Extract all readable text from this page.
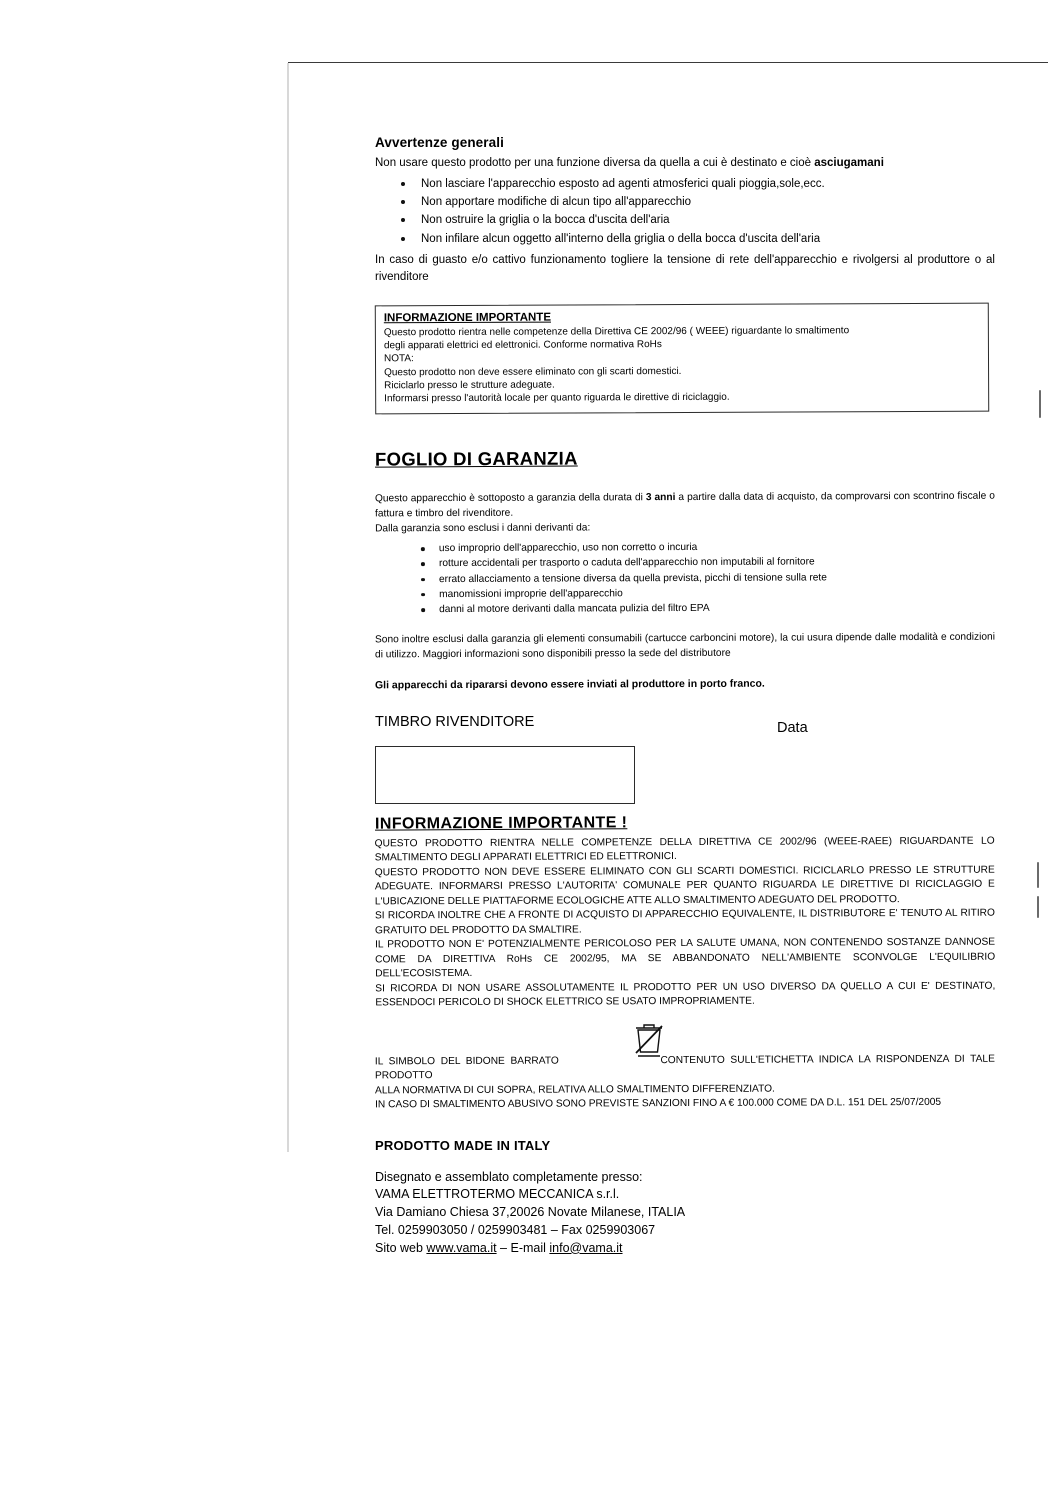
Avvertenze generali

Non usare questo prodotto per una funzione diversa da quella a cui è destinato e cioè asciugamani

Non lasciare l'apparecchio esposto ad agenti atmosferici quali pioggia,sole,ecc.
Non apportare modifiche di alcun tipo all'apparecchio
Non ostruire la griglia o la bocca d'uscita dell'aria
Non infilare alcun oggetto all'interno della griglia o della bocca d'uscita dell'aria
In caso di guasto e/o cattivo funzionamento togliere la tensione di rete dell'apparecchio e rivolgersi al produttore o al rivenditore
INFORMAZIONE IMPORTANTE
Questo prodotto rientra nelle competenze della Direttiva CE 2002/96 ( WEEE) riguardante lo smaltimento
degli apparati elettrici ed elettronici. Conforme normativa RoHs
NOTA:
Questo prodotto non deve essere eliminato con gli scarti domestici.
Riciclarlo presso le strutture adeguate.
Informarsi presso l'autorità locale per quanto riguarda le direttive di riciclaggio.
FOGLIO DI GARANZIA
Questo apparecchio è sottoposto a garanzia della durata di 3 anni a partire dalla data di acquisto, da comprovarsi con scontrino fiscale o fattura e timbro del rivenditore.
Dalla garanzia sono esclusi i danni derivanti da:
uso improprio dell'apparecchio, uso non corretto o incuria
rotture accidentali per trasporto o caduta dell'apparecchio non imputabili al fornitore
errato allacciamento a tensione diversa da quella prevista, picchi di tensione sulla rete
manomissioni improprie dell'apparecchio
danni al motore derivanti dalla mancata pulizia del filtro EPA
Sono inoltre esclusi dalla garanzia gli elementi consumabili (cartucce carboncini motore), la cui usura dipende dalle modalità e condizioni di utilizzo. Maggiori informazioni sono disponibili presso la sede del distributore
Gli apparecchi da ripararsi devono essere inviati al produttore in porto franco.
TIMBRO RIVENDITORE	Data
INFORMAZIONE IMPORTANTE !

QUESTO PRODOTTO RIENTRA NELLE COMPETENZE DELLA DIRETTIVA CE 2002/96 (WEEE-RAEE) RIGUARDANTE LO SMALTIMENTO DEGLI APPARATI ELETTRICI ED ELETTRONICI.

QUESTO PRODOTTO NON DEVE ESSERE ELIMINATO CON GLI SCARTI DOMESTICI. RICICLARLO PRESSO LE STRUTTURE ADEGUATE. INFORMARSI PRESSO L'AUTORITA' COMUNALE PER QUANTO RIGUARDA LE DIRETTIVE DI RICICLAGGIO E L'UBICAZIONE DELLE PIATTAFORME ECOLOGICHE ATTE ALLO SMALTIMENTO ADEGUATO DEL PRODOTTO.

SI RICORDA INOLTRE CHE A FRONTE DI ACQUISTO DI APPARECCHIO EQUIVALENTE, IL DISTRIBUTORE E' TENUTO AL RITIRO GRATUITO DEL PRODOTTO DA SMALTIRE.

IL PRODOTTO NON E' POTENZIALMENTE PERICOLOSO PER LA SALUTE UMANA, NON CONTENENDO SOSTANZE DANNOSE COME DA DIRETTIVA RoHs CE 2002/95, MA SE ABBANDONATO NELL'AMBIENTE SCONVOLGE L'EQUILIBRIO DELL'ECOSISTEMA.

SI RICORDA DI NON USARE ASSOLUTAMENTE IL PRODOTTO PER UN USO DIVERSO DA QUELLO A CUI E' DESTINATO, ESSENDOCI PERICOLO DI SHOCK ELETTRICO SE USATO IMPROPRIAMENTE.

IL SIMBOLO DEL BIDONE BARRATO	CONTENUTO SULL'ETICHETTA INDICA LA RISPONDENZA DI TALE PRODOTTO

ALLA NORMATIVA DI CUI SOPRA, RELATIVA ALLO SMALTIMENTO DIFFERENZIATO.

IN CASO DI SMALTIMENTO ABUSIVO SONO PREVISTE SANZIONI FINO A € 100.000 COME DA D.L. 151 DEL 25/07/2005

PRODOTTO MADE IN ITALY
Disegnato e assemblato completamente presso:
VAMA ELETTROTERMO MECCANICA s.r.l.
Via Damiano Chiesa 37,20026 Novate Milanese, ITALIA
Tel. 0259903050 / 0259903481 – Fax 0259903067
Sito web www.vama.it – E-mail info@vama.it
